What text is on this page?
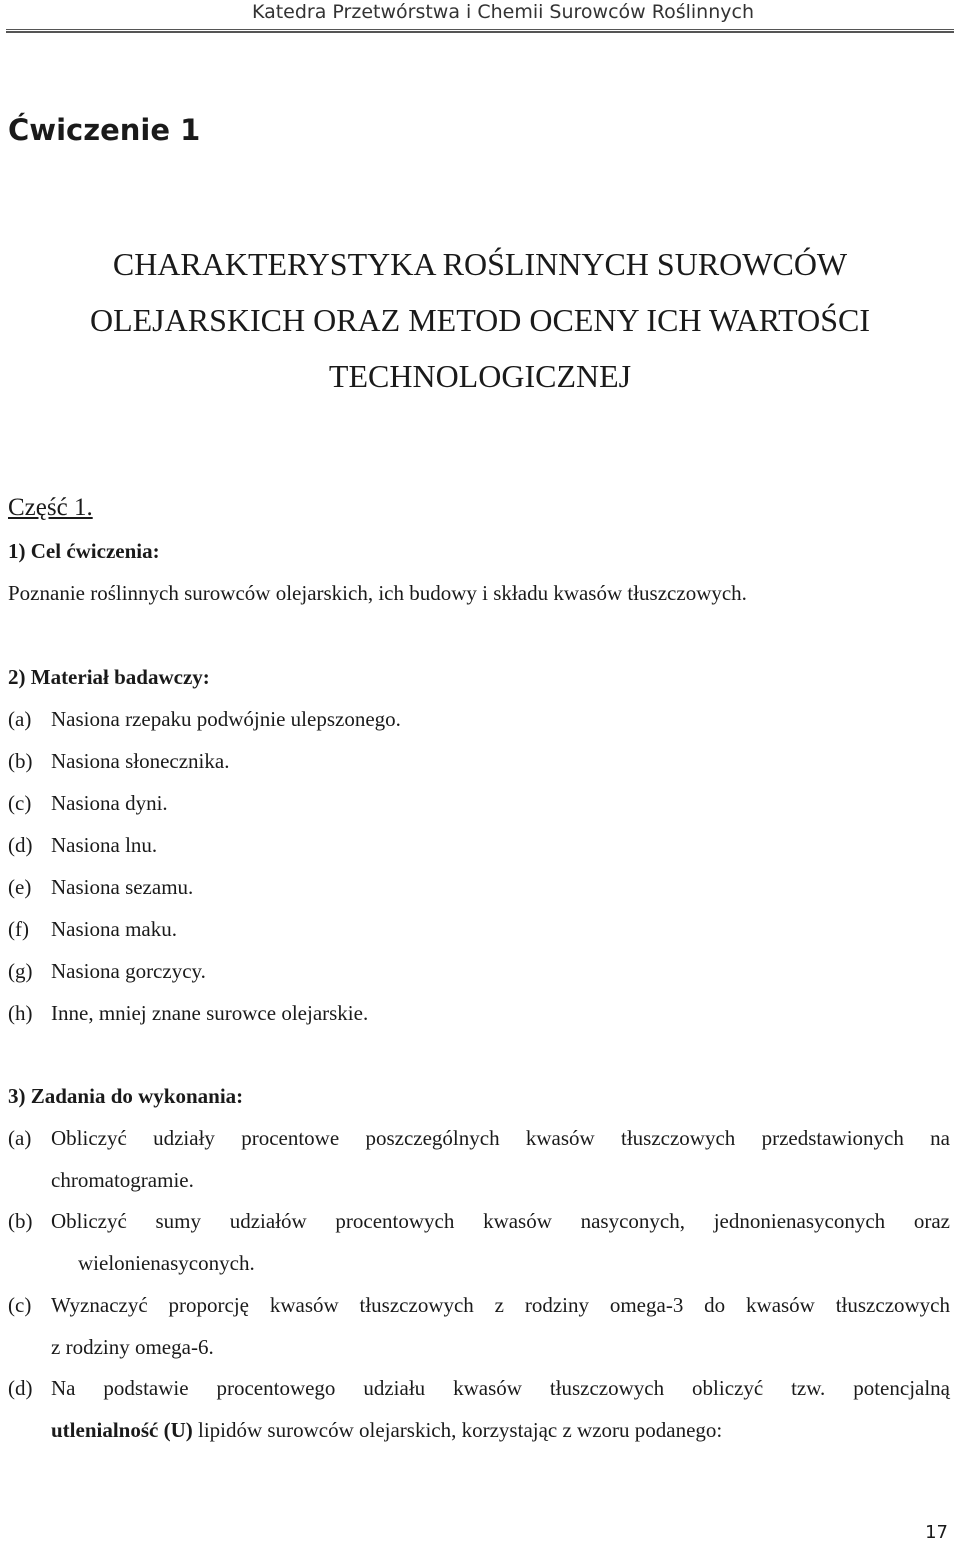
Katedra Przetwórstwa i Chemii Surowców Roślinnych
Ćwiczenie 1
CHARAKTERYSTYKA ROŚLINNYCH SUROWCÓW
OLEJARSKICH ORAZ METOD OCENY ICH WARTOŚCI
TECHNOLOGICZNEJ
Część 1.
1) Cel ćwiczenia:
Poznanie roślinnych surowców olejarskich, ich budowy i składu kwasów tłuszczowych.
2) Materiał badawczy:
(a) Nasiona rzepaku podwójnie ulepszonego.
(b) Nasiona słonecznika.
(c) Nasiona dyni.
(d) Nasiona lnu.
(e) Nasiona sezamu.
(f) Nasiona maku.
(g) Nasiona gorczycy.
(h) Inne, mniej znane surowce olejarskie.
3) Zadania do wykonania:
(a) Obliczyć udziały procentowe poszczególnych kwasów tłuszczowych przedstawionych na
chromatogramie.
(b) Obliczyć sumy udziałów procentowych kwasów nasyconych, jednonienasyconych oraz
wielonienasyconych.
(c) Wyznaczyć proporcję kwasów tłuszczowych z rodziny omega-3 do kwasów tłuszczowych
z rodziny omega-6.
(d) Na podstawie procentowego udziału kwasów tłuszczowych obliczyć tzw. potencjalną
utlenialność (U) lipidów surowców olejarskich, korzystając z wzoru podanego:
17
